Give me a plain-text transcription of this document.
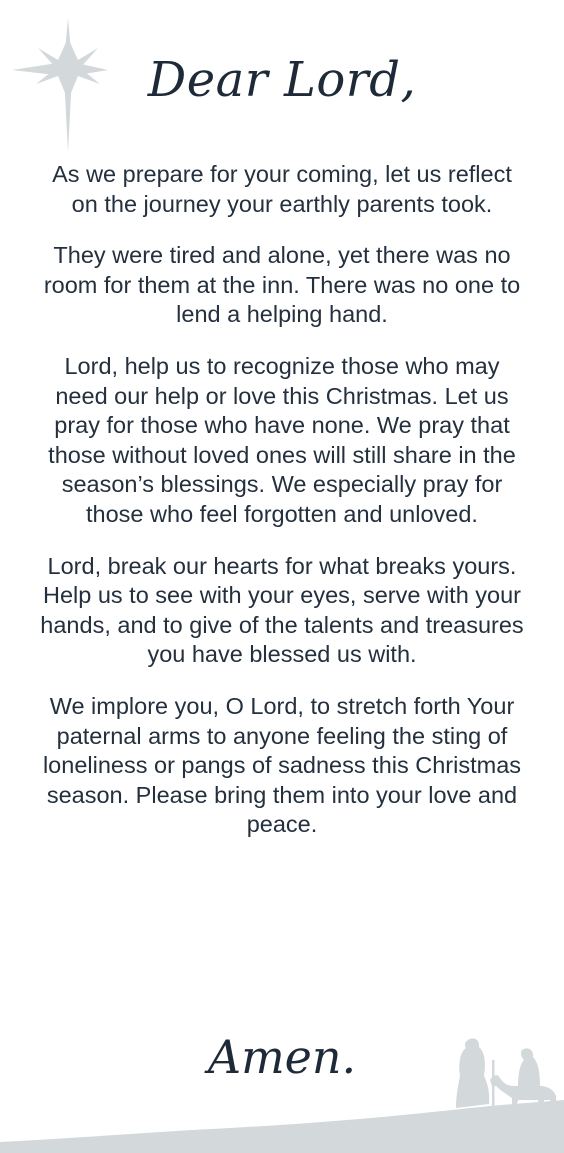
Dear Lord,

As we prepare for your coming, let us reflect on the journey your earthly parents took.

They were tired and alone, yet there was no room for them at the inn. There was no one to lend a helping hand.

Lord, help us to recognize those who may need our help or love this Christmas. Let us pray for those who have none. We pray that those without loved ones will still share in the season’s blessings. We especially pray for those who feel forgotten and unloved.

Lord, break our hearts for what breaks yours. Help us to see with your eyes, serve with your hands, and to give of the talents and treasures you have blessed us with.

We implore you, O Lord, to stretch forth Your paternal arms to anyone feeling the sting of loneliness or pangs of sadness this Christmas season. Please bring them into your love and peace.

Amen.
